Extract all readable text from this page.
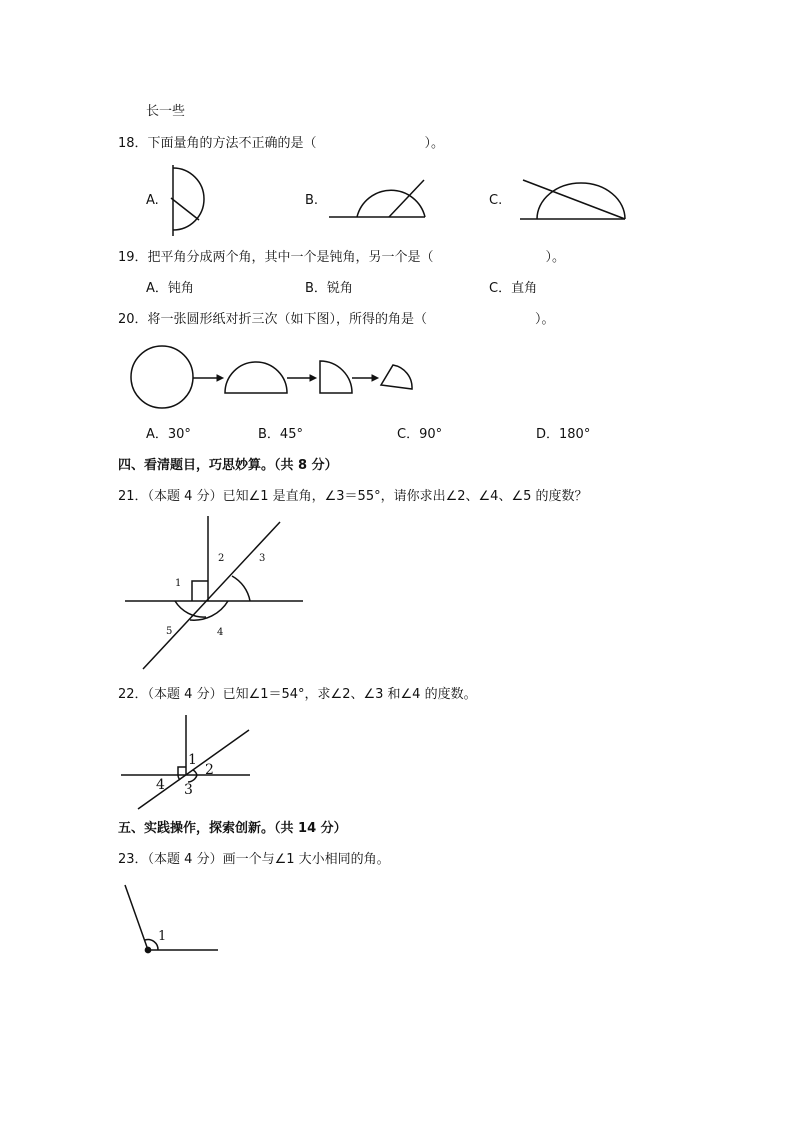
长一些
18．下面量角的方法不正确的是（	）。
A.	B.	C.
19．把平角分成两个角，其中一个是钝角，另一个是（	）。
A．钝角	B．锐角	C．直角
20．将一张圆形纸对折三次（如下图），所得的角是（	）。
A．30°	B．45°	C．90°	D．180°
四、看清题目，巧思妙算。（共 8 分）
21．（本题 4 分）已知∠1 是直角，∠3＝55°，请你求出∠2、∠4、∠5 的度数？
1
2	3
4
5
22．（本题 4 分）已知∠1＝54°，求∠2、∠3 和∠4 的度数。
1
2
3
4
五、实践操作，探索创新。（共 14 分）
23．（本题 4 分）画一个与∠1 大小相同的角。
1
